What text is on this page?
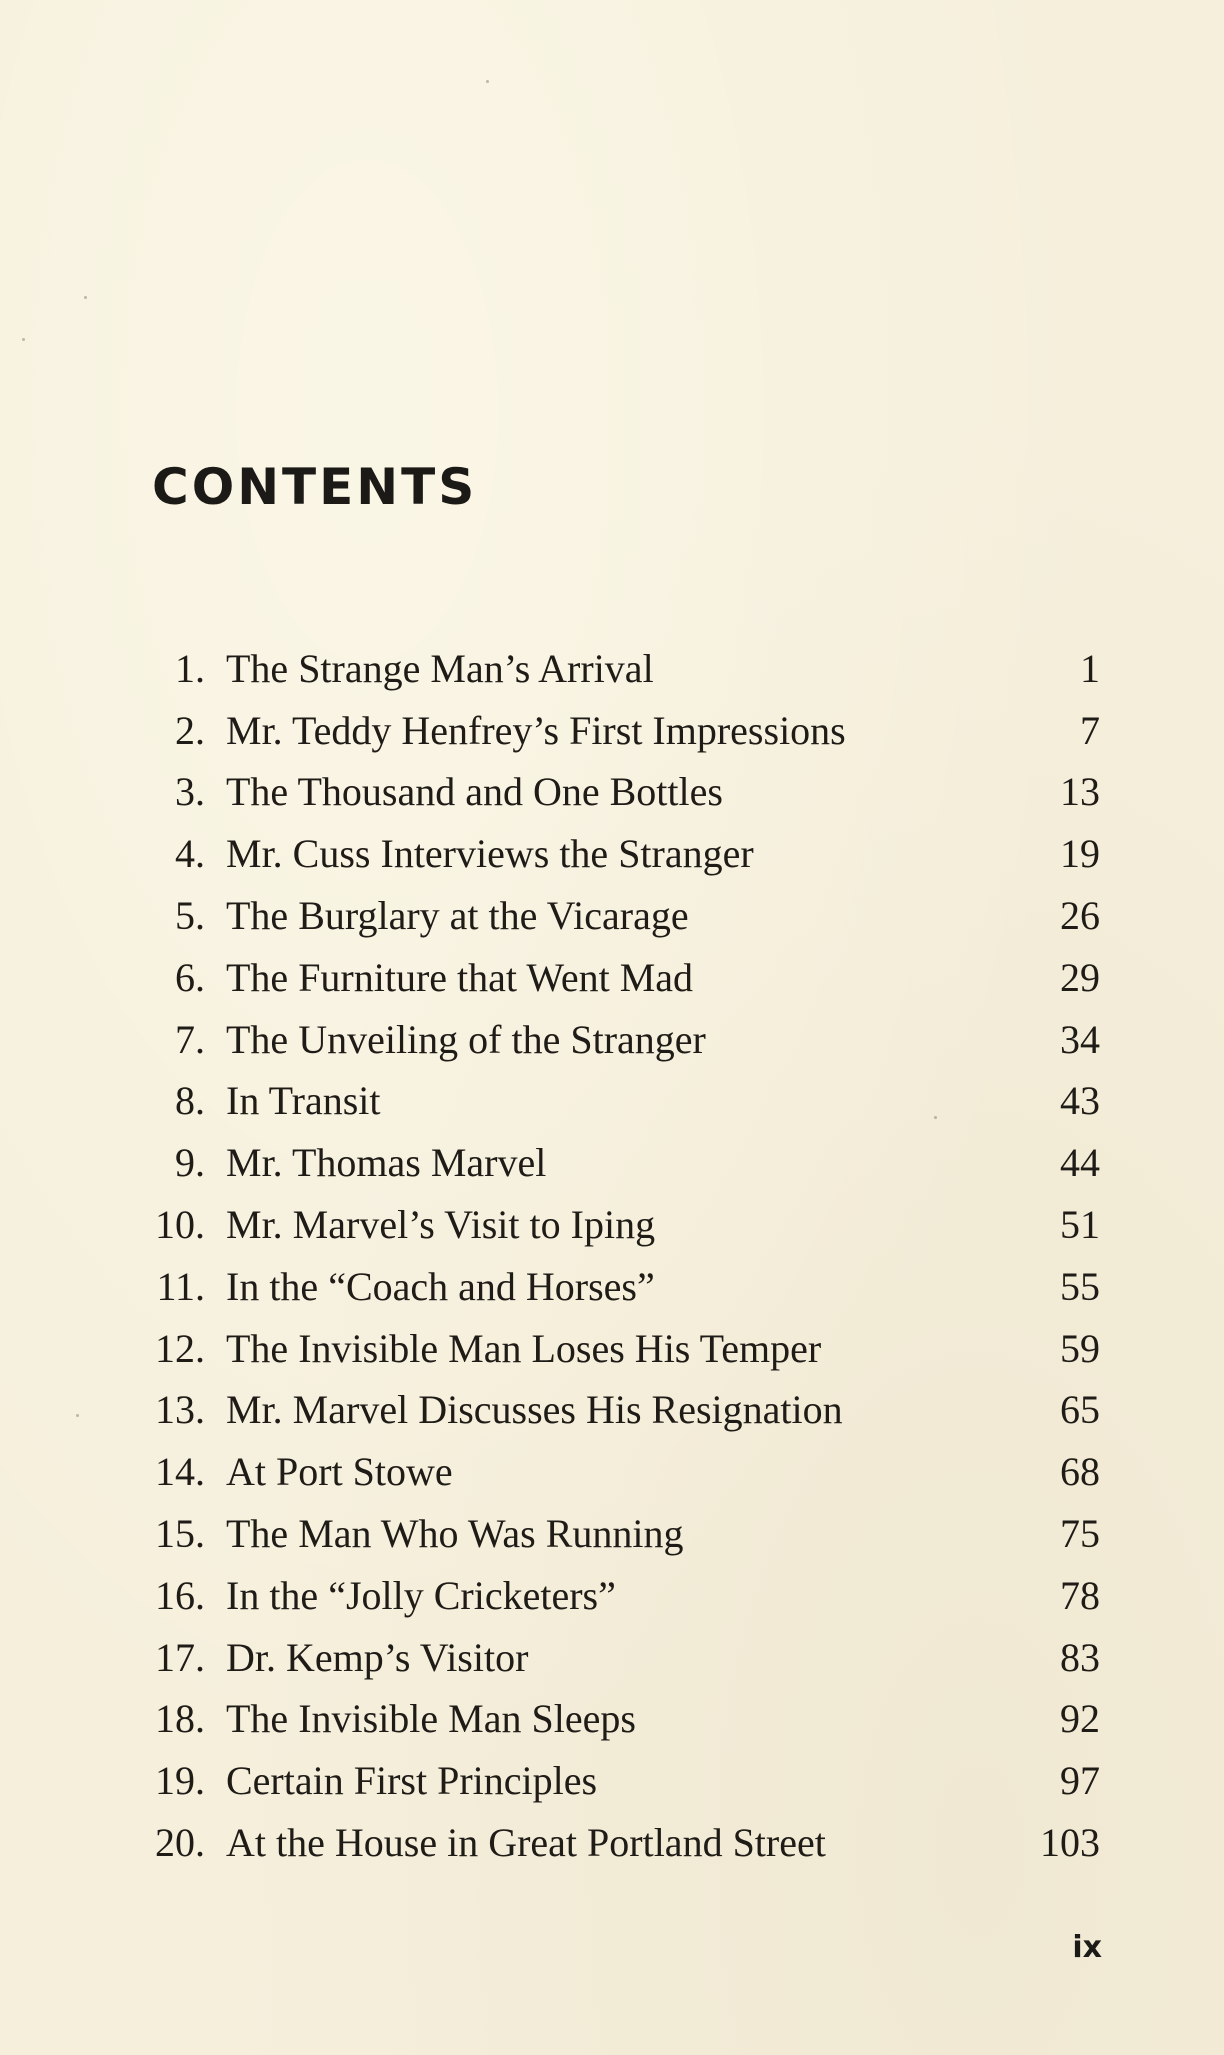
CONTENTS
1. The Strange Man’s Arrival	1
2. Mr. Teddy Henfrey’s First Impressions	7
3. The Thousand and One Bottles	13
4. Mr. Cuss Interviews the Stranger	19
5. The Burglary at the Vicarage	26
6. The Furniture that Went Mad	29
7. The Unveiling of the Stranger	34
8. In Transit	43
9. Mr. Thomas Marvel	44
10. Mr. Marvel’s Visit to Iping	51
11. In the “Coach and Horses”	55
12. The Invisible Man Loses His Temper	59
13. Mr. Marvel Discusses His Resignation	65
14. At Port Stowe	68
15. The Man Who Was Running	75
16. In the “Jolly Cricketers”	78
17. Dr. Kemp’s Visitor	83
18. The Invisible Man Sleeps	92
19. Certain First Principles	97
20. At the House in Great Portland Street	103
ix
